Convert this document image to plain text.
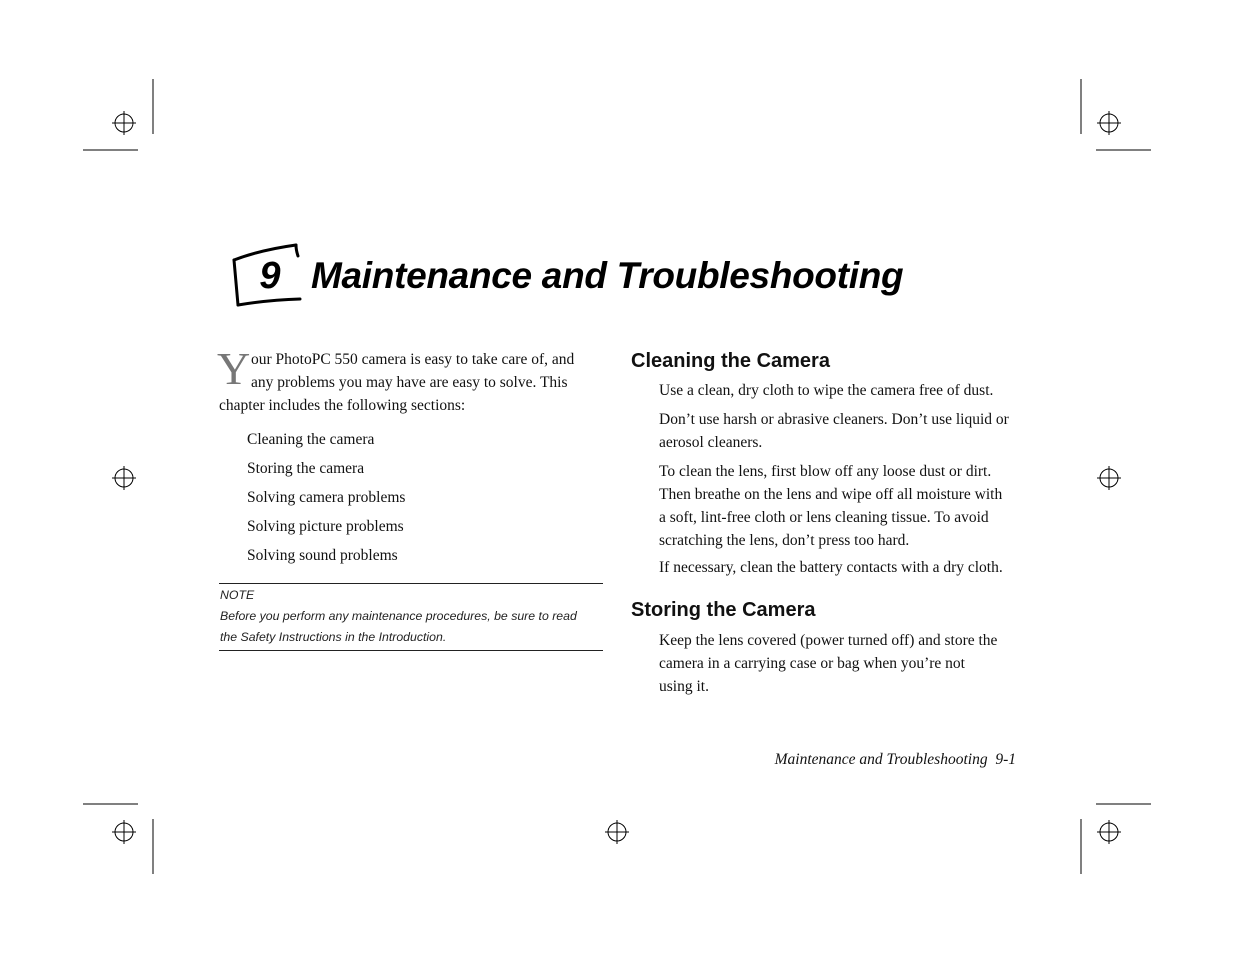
9 Maintenance and Troubleshooting
Y our PhotoPC 550 camera is easy to take care of, and
any problems you may have are easy to solve. This
chapter includes the following sections:
Cleaning the camera
Storing the camera
Solving camera problems
Solving picture problems
Solving sound problems
NOTE
Before you perform any maintenance procedures, be sure to read
the Safety Instructions in the Introduction.
Cleaning the Camera
Use a clean, dry cloth to wipe the camera free of dust.
Don’t use harsh or abrasive cleaners. Don’t use liquid or
aerosol cleaners.
To clean the lens, first blow off any loose dust or dirt.
Then breathe on the lens and wipe off all moisture with
a soft, lint-free cloth or lens cleaning tissue. To avoid
scratching the lens, don’t press too hard.
If necessary, clean the battery contacts with a dry cloth.
Storing the Camera
Keep the lens covered (power turned off) and store the
camera in a carrying case or bag when you’re not
using it.
Maintenance and Troubleshooting 9-1
